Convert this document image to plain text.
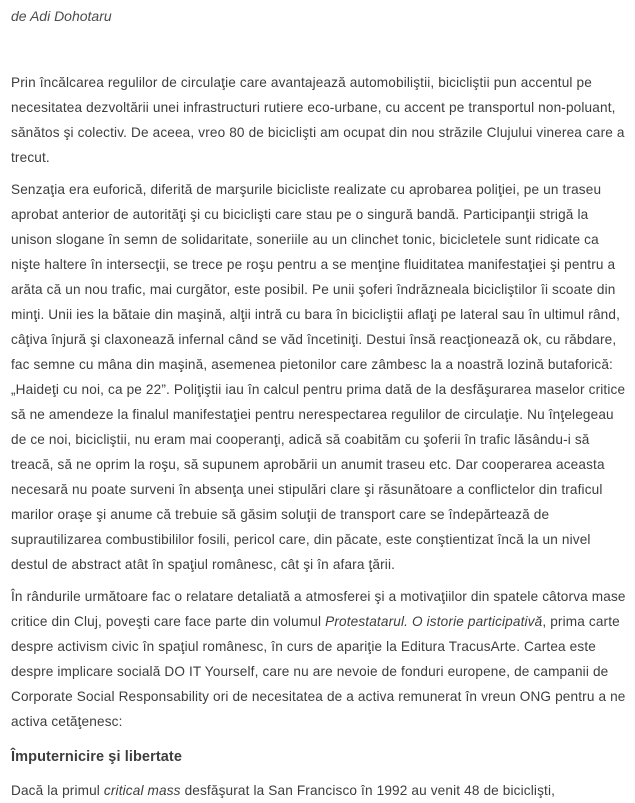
de Adi Dohotaru

Prin încălcarea regulilor de circulaţie care avantajează automobiliştii, bicicliştii pun accentul pe necesitatea dezvoltării unei infrastructuri rutiere eco-urbane, cu accent pe transportul non-poluant, sănătos şi colectiv. De aceea, vreo 80 de biciclişti am ocupat din nou străzile Clujului vinerea care a trecut.

Senzaţia era euforică, diferită de marşurile bicicliste realizate cu aprobarea poliţiei, pe un traseu aprobat anterior de autorităţi şi cu biciclişti care stau pe o singură bandă. Participanţii strigă la unison slogane în semn de solidaritate, soneriile au un clinchet tonic, bicicletele sunt ridicate ca nişte haltere în intersecţii, se trece pe roşu pentru a se menţine fluiditatea manifestaţiei şi pentru a arăta că un nou trafic, mai curgător, este posibil. Pe unii şoferi îndrăzneala bicicliştilor îi scoate din minţi. Unii ies la bătaie din maşină, alţii intră cu bara în bicicliştii aflaţi pe lateral sau în ultimul rând, câţiva înjură şi claxonează infernal când se văd încetiniţi. Destui însă reacţionează ok, cu răbdare, fac semne cu mâna din maşină, asemenea pietonilor care zâmbesc la a noastră lozină butaforică: „Haideţi cu noi, ca pe 22”. Poliţiştii iau în calcul pentru prima dată de la desfăşurarea maselor critice să ne amendeze la finalul manifestaţiei pentru nerespectarea regulilor de circulaţie. Nu înţelegeau de ce noi, bicicliştii, nu eram mai cooperanţi, adică să coabităm cu şoferii în trafic lăsându-i să treacă, să ne oprim la roşu, să supunem aprobării un anumit traseu etc. Dar cooperarea aceasta necesară nu poate surveni în absenţa unei stipulări clare şi răsunătoare a conflictelor din traficul marilor oraşe şi anume că trebuie să găsim soluţii de transport care se îndepărtează de suprautilizarea combustibililor fosili, pericol care, din păcate, este conştientizat încă la un nivel destul de abstract atât în spaţiul românesc, cât şi în afara ţării.

În rândurile următoare fac o relatare detaliată a atmosferei şi a motivaţiilor din spatele câtorva mase critice din Cluj, poveşti care face parte din volumul Protestatarul. O istorie participativă, prima carte despre activism civic în spaţiul românesc, în curs de apariţie la Editura TracusArte. Cartea este despre implicare socială DO IT Yourself, care nu are nevoie de fonduri europene, de campanii de Corporate Social Responsability ori de necesitatea de a activa remunerat în vreun ONG pentru a ne activa cetăţenesc:

Împuternicire şi libertate

Dacă la primul critical mass desfăşurat la San Francisco în 1992 au venit 48 de biciclişti,
